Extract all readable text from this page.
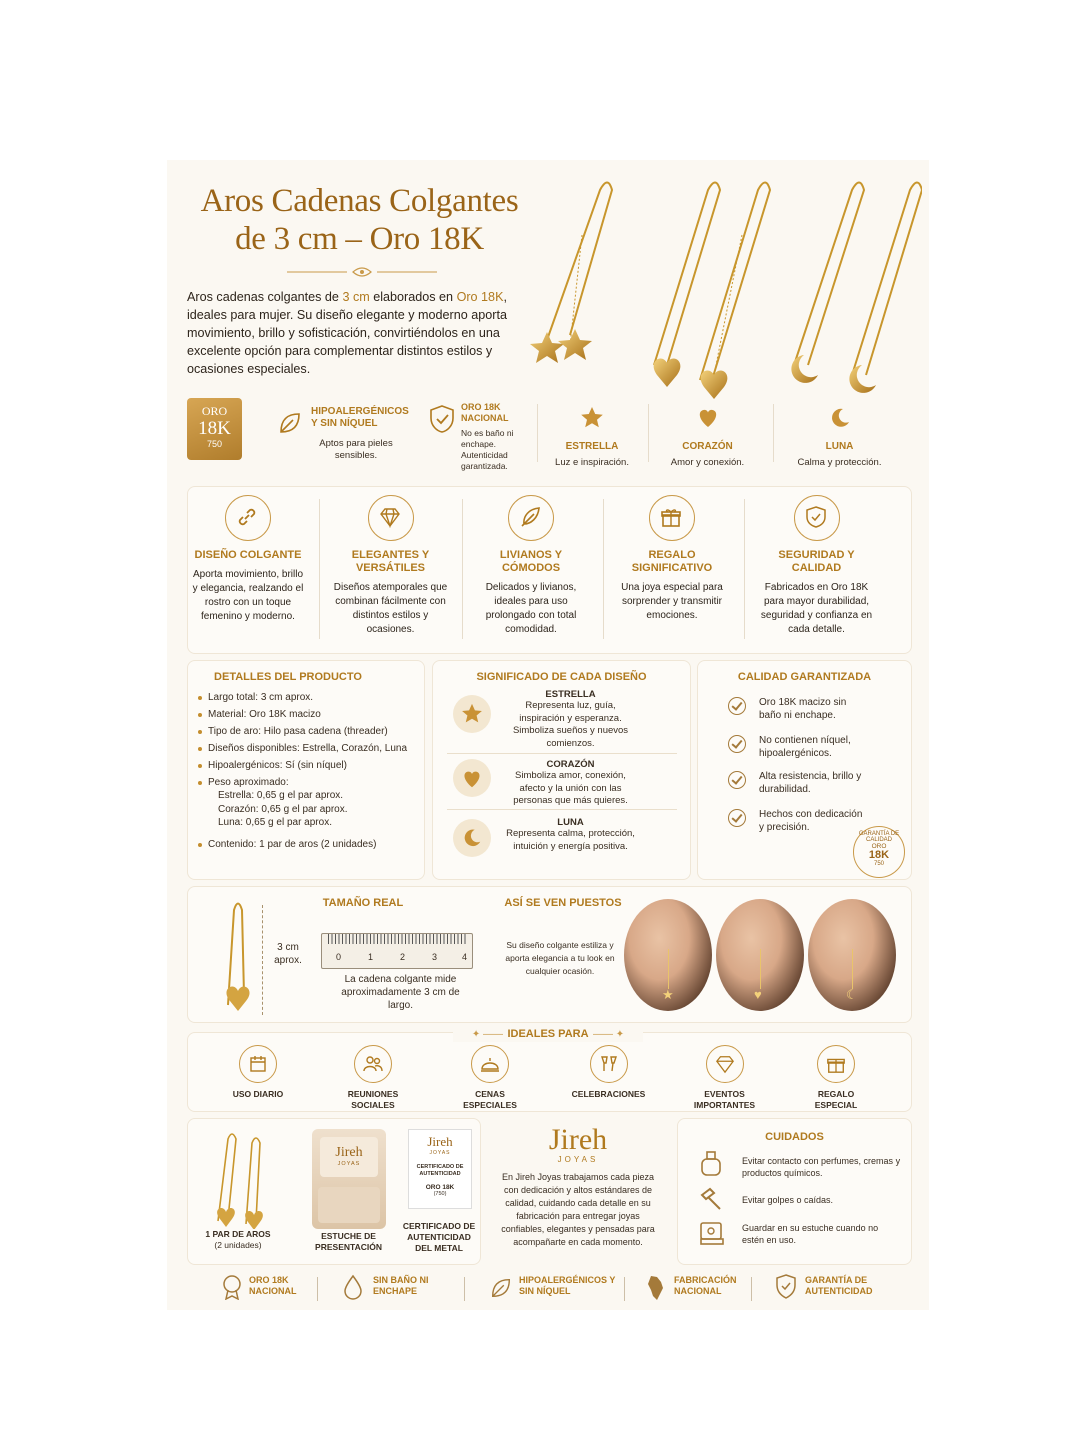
Aros Cadenas Colgantes
de 3 cm – Oro 18K
Aros cadenas colgantes de 3 cm elaborados en Oro 18K, ideales para mujer. Su diseño elegante y moderno aporta movimiento, brillo y sofisticación, convirtiéndolos en una excelente opción para complementar distintos estilos y ocasiones especiales.
ORO
18K
750
HIPOALERGÉNICOS Y SIN NÍQUEL
Aptos para pieles sensibles.
ORO 18K NACIONAL
No es baño ni enchape. Autenticidad garantizada.
ESTRELLA
Luz e inspiración.
CORAZÓN
Amor y conexión.
LUNA
Calma y protección.
DISEÑO COLGANTE
Aporta movimiento, brillo y elegancia, realzando el rostro con un toque femenino y moderno.
ELEGANTES Y VERSÁTILES
Diseños atemporales que combinan fácilmente con distintos estilos y ocasiones.
LIVIANOS Y CÓMODOS
Delicados y livianos, ideales para uso prolongado con total comodidad.
REGALO SIGNIFICATIVO
Una joya especial para sorprender y transmitir emociones.
SEGURIDAD Y CALIDAD
Fabricados en Oro 18K para mayor durabilidad, seguridad y confianza en cada detalle.
DETALLES DEL PRODUCTO
Largo total: 3 cm aprox.
Material: Oro 18K macizo
Tipo de aro: Hilo pasa cadena (threader)
Diseños disponibles: Estrella, Corazón, Luna
Hipoalergénicos: Sí (sin níquel)
Peso aproximado:
Estrella: 0,65 g el par aprox.
Corazón: 0,65 g el par aprox.
Luna: 0,65 g el par aprox.
Contenido: 1 par de aros (2 unidades)
SIGNIFICADO DE CADA DISEÑO
ESTRELLA
Representa luz, guía, inspiración y esperanza. Simboliza sueños y nuevos comienzos.
CORAZÓN
Simboliza amor, conexión, afecto y la unión con las personas que más quieres.
LUNA
Representa calma, protección, intuición y energía positiva.
CALIDAD GARANTIZADA
Oro 18K macizo sin baño ni enchape.
No contienen níquel, hipoalergénicos.
Alta resistencia, brillo y durabilidad.
Hechos con dedicación y precisión.
GARANTÍA DE CALIDAD
ORO
18K
750
3 cm aprox.
TAMAÑO REAL
0	1	2	3	4
La cadena colgante mide aproximadamente 3 cm de largo.
ASÍ SE VEN PUESTOS
Su diseño colgante estiliza y aporta elegancia a tu look en cualquier ocasión.
★	♥	☾
✦ —— IDEALES PARA —— ✦
USO DIARIO	REUNIONES SOCIALES
CENAS ESPECIALES
CELEBRACIONES	EVENTOS IMPORTANTES
REGALO ESPECIAL
1 PAR DE AROS
(2 unidades)
Jireh
JOYAS
ESTUCHE DE PRESENTACIÓN
Jireh
JOYAS
CERTIFICADO DE AUTENTICIDAD
ORO 18K
(750)
CERTIFICADO DE AUTENTICIDAD DEL METAL
Jireh
JOYAS
En Jireh Joyas trabajamos cada pieza con dedicación y altos estándares de calidad, cuidando cada detalle en su fabricación para entregar joyas confiables, elegantes y pensadas para acompañarte en cada momento.
CUIDADOS
Evitar contacto con perfumes, cremas y productos químicos.
Evitar golpes o caídas.
Guardar en su estuche cuando no estén en uso.
ORO 18K NACIONAL
SIN BAÑO NI ENCHAPE
HIPOALERGÉNICOS Y SIN NÍQUEL
FABRICACIÓN NACIONAL
GARANTÍA DE AUTENTICIDAD
